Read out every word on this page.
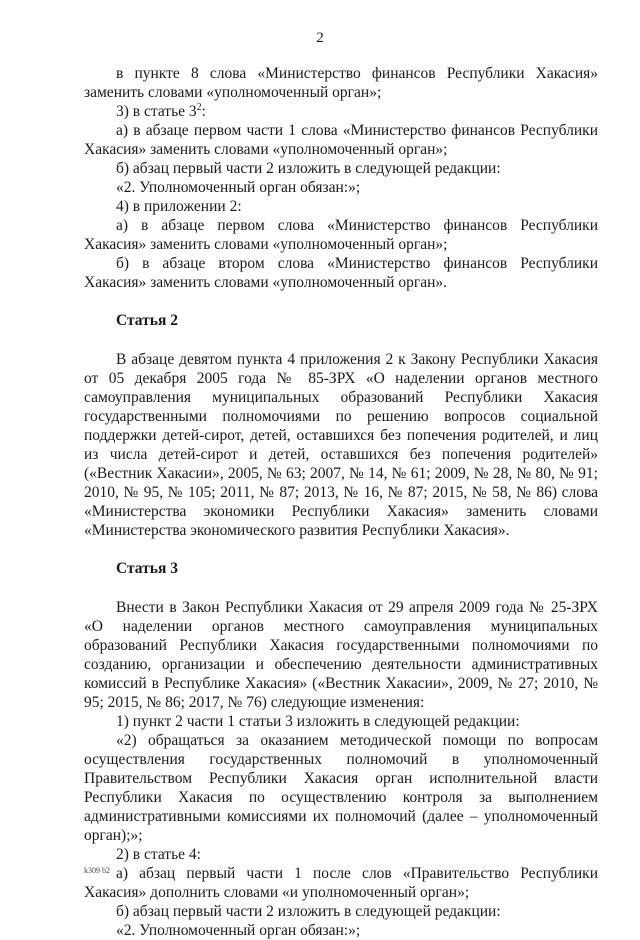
2

в пункте 8 слова «Министерство финансов Республики Хакасия» заменить словами «уполномоченный орган»;

3) в статье $3^2$:

а) в абзаце первом части 1 слова «Министерство финансов Республики Хакасия» заменить словами «уполномоченный орган»;

б) абзац первый части 2 изложить в следующей редакции:

«2. Уполномоченный орган обязан:»;

4) в приложении 2:

а) в абзаце первом слова «Министерство финансов Республики Хакасия» заменить словами «уполномоченный орган»;

б) в абзаце втором слова «Министерство финансов Республики Хакасия» заменить словами «уполномоченный орган».

Статья 2

В абзаце девятом пункта 4 приложения 2 к Закону Республики Хакасия от 05 декабря 2005 года № 85-ЗРХ «О наделении органов местного самоуправления муниципальных образований Республики Хакасия государственными полномочиями по решению вопросов социальной поддержки детей-сирот, детей, оставшихся без попечения родителей, и лиц из числа детей-сирот и детей, оставшихся без попечения родителей» («Вестник Хакасии», 2005, № 63; 2007, № 14, № 61; 2009, № 28, № 80, № 91; 2010, № 95, № 105; 2011, № 87; 2013, № 16, № 87; 2015, № 58, № 86) слова «Министерства экономики Республики Хакасия» заменить словами «Министерства экономического развития Республики Хакасия».

Статья 3

Внести в Закон Республики Хакасия от 29 апреля 2009 года № 25-ЗРХ «О наделении органов местного самоуправления муниципальных образований Республики Хакасия государственными полномочиями по созданию, организации и обеспечению деятельности административных комиссий в Республике Хакасия» («Вестник Хакасии», 2009, № 27; 2010, № 95; 2015, № 86; 2017, № 76) следующие изменения:

1) пункт 2 части 1 статьи 3 изложить в следующей редакции:

«2) обращаться за оказанием методической помощи по вопросам осуществления государственных полномочий в уполномоченный Правительством Республики Хакасия орган исполнительной власти Республики Хакасия по осуществлению контроля за выполнением административными комиссиями их полномочий (далее – уполномоченный орган);»;

2) в статье 4:

а) абзац первый части 1 после слов «Правительство Республики Хакасия» дополнить словами «и уполномоченный орган»;

б) абзац первый части 2 изложить в следующей редакции:

«2. Уполномоченный орган обязан:»;

k309 b2
